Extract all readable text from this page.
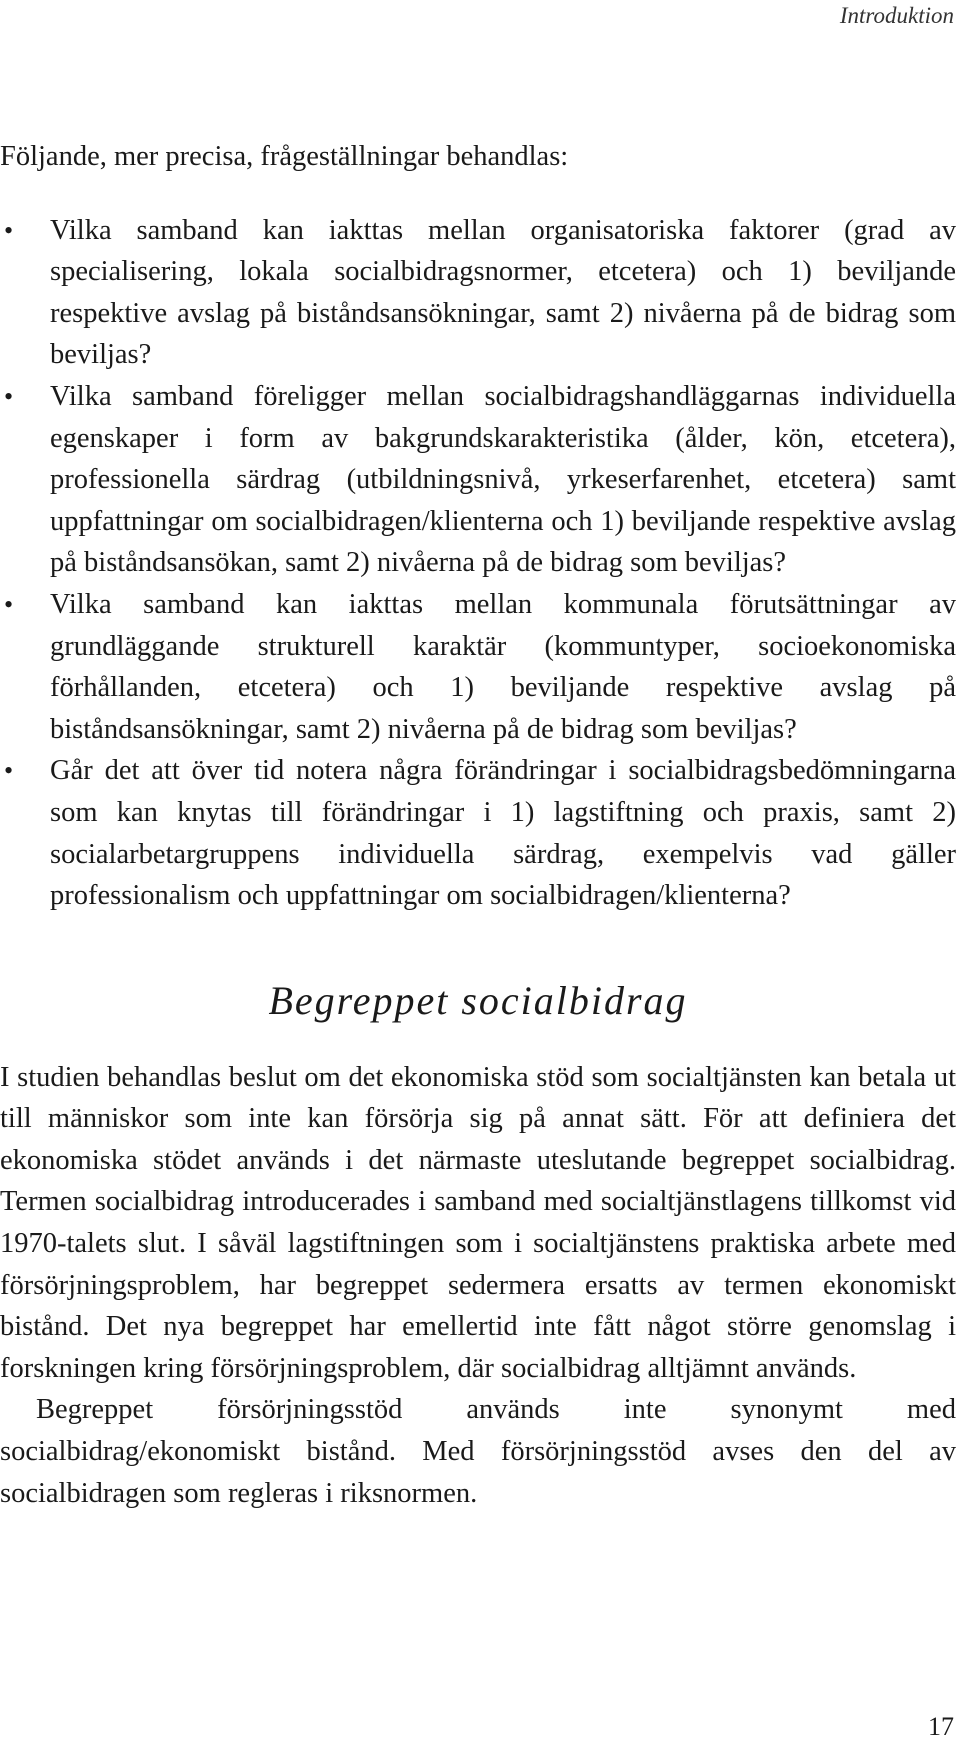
Introduktion

Följande, mer precisa, frågeställningar behandlas:

• Vilka samband kan iakttas mellan organisatoriska faktorer (grad av specialisering, lokala socialbidragsnormer, etcetera) och 1) beviljande respektive avslag på biståndsansökningar, samt 2) nivåerna på de bidrag som beviljas?
• Vilka samband föreligger mellan socialbidragshandläggarnas individuella egenskaper i form av bakgrundskarakteristika (ålder, kön, etcetera), professionella särdrag (utbildningsnivå, yrkeserfarenhet, etcetera) samt uppfattningar om socialbidragen/klienterna och 1) beviljande respektive avslag på biståndsansökan, samt 2) nivåerna på de bidrag som beviljas?
• Vilka samband kan iakttas mellan kommunala förutsättningar av grundläggande strukturell karaktär (kommuntyper, socioekonomiska förhållanden, etcetera) och 1) beviljande respektive avslag på biståndsansökningar, samt 2) nivåerna på de bidrag som beviljas?
• Går det att över tid notera några förändringar i socialbidragsbedömningarna som kan knytas till förändringar i 1) lagstiftning och praxis, samt 2) socialarbetargruppens individuella särdrag, exempelvis vad gäller professionalism och uppfattningar om socialbidragen/klienterna?
Begreppet socialbidrag

I studien behandlas beslut om det ekonomiska stöd som socialtjänsten kan betala ut till människor som inte kan försörja sig på annat sätt. För att definiera det ekonomiska stödet används i det närmaste uteslutande begreppet socialbidrag. Termen socialbidrag introducerades i samband med socialtjänstlagens tillkomst vid 1970-talets slut. I såväl lagstiftningen som i socialtjänstens praktiska arbete med försörjningsproblem, har begreppet sedermera ersatts av termen ekonomiskt bistånd. Det nya begreppet har emellertid inte fått något större genomslag i forskningen kring försörjningsproblem, där socialbidrag alltjämnt används.

Begreppet försörjningsstöd används inte synonymt med socialbidrag/ekonomiskt bistånd. Med försörjningsstöd avses den del av socialbidragen som regleras i riksnormen.

17
